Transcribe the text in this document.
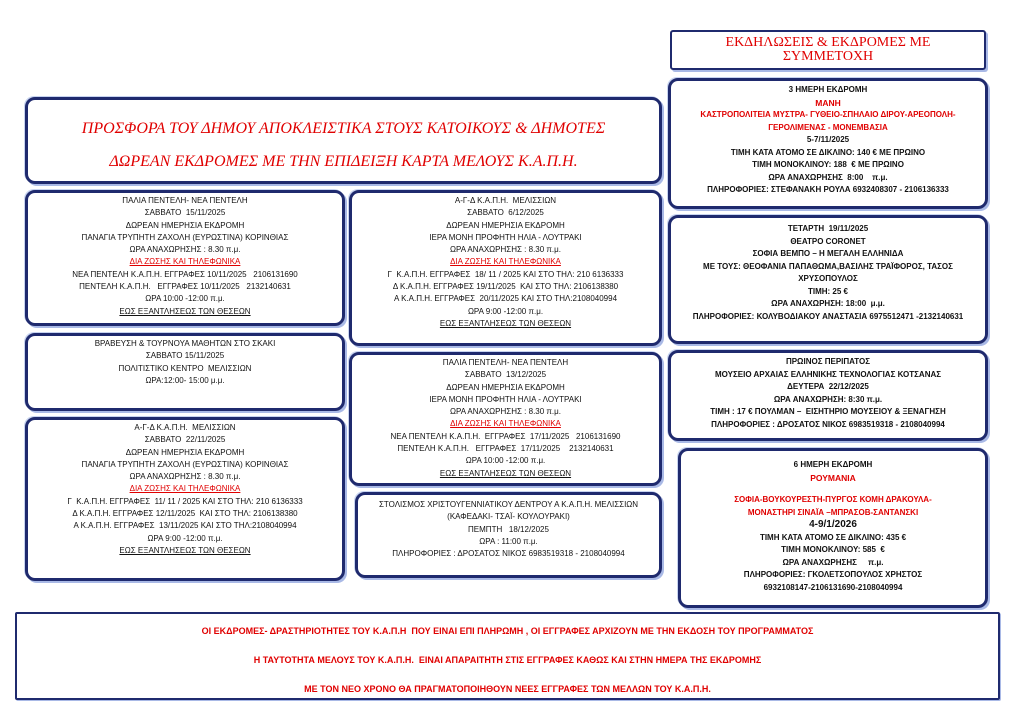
ΕΚΔΗΛΩΣΕΙΣ & ΕΚΔΡΟΜΕΣ ΜΕ
ΣΥΜΜΕΤΟΧΗ
ΠΡΟΣΦΟΡΑ ΤΟΥ ΔΗΜΟΥ ΑΠΟΚΛΕΙΣΤΙΚΑ ΣΤΟΥΣ ΚΑΤΟΙΚΟΥΣ & ΔΗΜΟΤΕΣ
ΔΩΡΕΑΝ ΕΚΔΡΟΜΕΣ ΜΕ ΤΗΝ ΕΠΙΔΕΙΞΗ ΚΑΡΤΑ ΜΕΛΟΥΣ Κ.Α.Π.Η.
ΠΑΛΙΑ ΠΕΝΤΕΛΗ- ΝΕΑ ΠΕΝΤΕΛΗ
ΣΑΒΒΑΤΟ  15/11/2025
ΔΩΡΕΑΝ ΗΜΕΡΗΣΙΑ ΕΚΔΡΟΜΗ
ΠΑΝΑΓΙΑ ΤΡΥΠΗΤΗ ΖΑΧΟΛΗ (ΕΥΡΩΣΤΙΝΑ) ΚΟΡΙΝΘΙΑΣ
ΩΡΑ ΑΝΑΧΩΡΗΣΗΣ : 8.30 π.μ.
ΔΙΑ ΖΩΣΗΣ ΚΑΙ ΤΗΛΕΦΩΝΙΚΑ
ΝΕΑ ΠΕΝΤΕΛΗ Κ.Α.Π.Η. ΕΓΓΡΑΦΕΣ 10/11/2025   2106131690
ΠΕΝΤΕΛΗ Κ.Α.Π.Η.   ΕΓΓΡΑΦΕΣ 10/11/2025   2132140631
ΩΡΑ 10:00 -12:00 π.μ.
ΕΩΣ ΕΞΑΝΤΛΗΣΕΩΣ ΤΩΝ ΘΕΣΕΩΝ
ΒΡΑΒΕΥΣΗ & ΤΟΥΡΝΟΥΑ ΜΑΘΗΤΩΝ ΣΤΟ ΣΚΑΚΙ
ΣΑΒΒΑΤΟ 15/11/2025
ΠΟΛΙΤΙΣΤΙΚΟ ΚΕΝΤΡΟ  ΜΕΛΙΣΣΙΩΝ
ΩΡΑ:12:00- 15:00 μ.μ.
Α-Γ-Δ Κ.Α.Π.Η.  ΜΕΛΙΣΣΙΩΝ
ΣΑΒΒΑΤΟ  22/11/2025
ΔΩΡΕΑΝ ΗΜΕΡΗΣΙΑ ΕΚΔΡΟΜΗ
ΠΑΝΑΓΙΑ ΤΡΥΠΗΤΗ ΖΑΧΟΛΗ (ΕΥΡΩΣΤΙΝΑ) ΚΟΡΙΝΘΙΑΣ
ΩΡΑ ΑΝΑΧΩΡΗΣΗΣ : 8.30 π.μ.
ΔΙΑ ΖΩΣΗΣ ΚΑΙ ΤΗΛΕΦΩΝΙΚΑ
Γ  Κ.Α.Π.Η. ΕΓΓΡΑΦΕΣ  11/ 11 / 2025 ΚΑΙ ΣΤΟ ΤΗΛ: 210 6136333
Δ Κ.Α.Π.Η. ΕΓΓΡΑΦΕΣ 12/11/2025  ΚΑΙ ΣΤΟ ΤΗΛ: 2106138380
Α Κ.Α.Π.Η. ΕΓΓΡΑΦΕΣ  13/11/2025 ΚΑΙ ΣΤΟ ΤΗΛ:2108040994
ΩΡΑ 9:00 -12:00 π.μ.
ΕΩΣ ΕΞΑΝΤΛΗΣΕΩΣ ΤΩΝ ΘΕΣΕΩΝ
Α-Γ-Δ Κ.Α.Π.Η.  ΜΕΛΙΣΣΙΩΝ
ΣΑΒΒΑΤΟ  6/12/2025
ΔΩΡΕΑΝ ΗΜΕΡΗΣΙΑ ΕΚΔΡΟΜΗ
ΙΕΡΑ ΜΟΝΗ ΠΡΟΦΗΤΗ ΗΛΙΑ - ΛΟΥΤΡΑΚΙ
ΩΡΑ ΑΝΑΧΩΡΗΣΗΣ : 8.30 π.μ.
ΔΙΑ ΖΩΣΗΣ ΚΑΙ ΤΗΛΕΦΩΝΙΚΑ
Γ  Κ.Α.Π.Η. ΕΓΓΡΑΦΕΣ  18/ 11 / 2025 ΚΑΙ ΣΤΟ ΤΗΛ: 210 6136333
Δ Κ.Α.Π.Η. ΕΓΓΡΑΦΕΣ 19/11/2025  ΚΑΙ ΣΤΟ ΤΗΛ: 2106138380
Α Κ.Α.Π.Η. ΕΓΓΡΑΦΕΣ  20/11/2025 ΚΑΙ ΣΤΟ ΤΗΛ:2108040994
ΩΡΑ 9:00 -12:00 π.μ.
ΕΩΣ ΕΞΑΝΤΛΗΣΕΩΣ ΤΩΝ ΘΕΣΕΩΝ
ΠΑΛΙΑ ΠΕΝΤΕΛΗ- ΝΕΑ ΠΕΝΤΕΛΗ
ΣΑΒΒΑΤΟ  13/12/2025
ΔΩΡΕΑΝ ΗΜΕΡΗΣΙΑ ΕΚΔΡΟΜΗ
ΙΕΡΑ ΜΟΝΗ ΠΡΟΦΗΤΗ ΗΛΙΑ - ΛΟΥΤΡΑΚΙ
ΩΡΑ ΑΝΑΧΩΡΗΣΗΣ : 8.30 π.μ.
ΔΙΑ ΖΩΣΗΣ ΚΑΙ ΤΗΛΕΦΩΝΙΚΑ
ΝΕΑ ΠΕΝΤΕΛΗ Κ.Α.Π.Η.  ΕΓΓΡΑΦΕΣ  17/11/2025   2106131690
ΠΕΝΤΕΛΗ Κ.Α.Π.Η.   ΕΓΓΡΑΦΕΣ  17/11/2025    2132140631
ΩΡΑ 10:00 -12:00 π.μ.
ΕΩΣ ΕΞΑΝΤΛΗΣΕΩΣ ΤΩΝ ΘΕΣΕΩΝ
ΣΤΟΛΙΣΜΟΣ ΧΡΙΣΤΟΥΓΕΝΝΙΑΤΙΚΟΥ ΔΕΝΤΡΟΥ Α Κ.Α.Π.Η. ΜΕΛΙΣΣΙΩΝ
(ΚΑΦΕΔΑΚΙ- ΤΣΑΪ- ΚΟΥΛΟΥΡΑΚΙ)
ΠΕΜΠΤΗ   18/12/2025
ΩΡΑ : 11:00 π.μ.
ΠΛΗΡΟΦΟΡΙΕΣ : ΔΡΟΣΑΤΟΣ ΝΙΚΟΣ 6983519318 - 2108040994
3 ΗΜΕΡΗ ΕΚΔΡΟΜΗ
ΜΑΝΗ
ΚΑΣΤΡΟΠΟΛΙΤΕΙΑ ΜΥΣΤΡΑ- ΓΥΘΕΙΟ-ΣΠΗΛΑΙΟ ΔΙΡΟΥ-ΑΡΕΟΠΟΛΗ-
ΓΕΡΟΛΙΜΕΝΑΣ - ΜΟΝΕΜΒΑΣΙΑ
5-7/11/2025
ΤΙΜΗ ΚΑΤΑ ΑΤΟΜΟ ΣΕ ΔΙΚΛΙΝΟ: 140 € ΜΕ ΠΡΩΙΝΟ
ΤΙΜΗ ΜΟΝΟΚΛΙΝΟΥ: 188  € ΜΕ ΠΡΩΙΝΟ
ΩΡΑ ΑΝΑΧΩΡΗΣΗΣ  8:00    π.μ.
ΠΛΗΡΟΦΟΡΙΕΣ: ΣΤΕΦΑΝΑΚΗ ΡΟΥΛΑ 6932408307 - 2106136333
ΤΕΤΑΡΤΗ  19/11/2025
ΘΕΑΤΡΟ CORONET
ΣΟΦΙΑ ΒΕΜΠΟ – Η ΜΕΓΑΛΗ ΕΛΛΗΝΙΔΑ
ΜΕ ΤΟΥΣ: ΘΕΟΦΑΝΙΑ ΠΑΠΑΘΩΜΑ,ΒΑΣΙΛΗΣ ΤΡΑΪΦΟΡΟΣ, ΤΑΣΟΣ
ΧΡΥΣΟΠΟΥΛΟΣ
ΤΙΜΗ: 25 €
ΩΡΑ ΑΝΑΧΩΡΗΣΗ: 18:00  μ.μ.
ΠΛΗΡΟΦΟΡΙΕΣ: ΚΟΛΥΒΟΔΙΑΚΟΥ ΑΝΑΣΤΑΣΙΑ 6975512471 -2132140631
ΠΡΩΙΝΟΣ ΠΕΡΙΠΑΤΟΣ
ΜΟΥΣΕΙΟ ΑΡΧΑΙΑΣ ΕΛΛΗΝΙΚΗΣ ΤΕΧΝΟΛΟΓΙΑΣ ΚΟΤΣΑΝΑΣ
ΔΕΥΤΕΡΑ  22/12/2025
ΩΡΑ ΑΝΑΧΩΡΗΣΗ: 8:30 π.μ.
ΤΙΜΗ : 17 € ΠΟΥΛΜΑΝ –  ΕΙΣΗΤΗΡΙΟ ΜΟΥΣΕΙΟΥ & ΞΕΝΑΓΗΣΗ
ΠΛΗΡΟΦΟΡΙΕΣ : ΔΡΟΣΑΤΟΣ ΝΙΚΟΣ 6983519318 - 2108040994
6 ΗΜΕΡΗ ΕΚΔΡΟΜΗ
ΡΟΥΜΑΝΙΑ
ΣΟΦΙΑ-ΒΟΥΚΟΥΡΕΣΤΗ-ΠΥΡΓΟΣ ΚΟΜΗ ΔΡΑΚΟΥΛΑ-
ΜΟΝΑΣΤΗΡΙ ΣΙΝΑΪΑ –ΜΠΡΑΣΟΒ-ΣΑΝΤΑΝΣΚΙ
4-9/1/2026
ΤΙΜΗ ΚΑΤΑ ΑΤΟΜΟ ΣΕ ΔΙΚΛΙΝΟ: 435 €
ΤΙΜΗ ΜΟΝΟΚΛΙΝΟΥ: 585  €
ΩΡΑ ΑΝΑΧΩΡΗΣΗΣ     π.μ.
ΠΛΗΡΟΦΟΡΙΕΣ: ΓΚΟΛΕΤΣΟΠΟΥΛΟΣ ΧΡΗΣΤΟΣ
6932108147-2106131690-2108040994
ΟΙ ΕΚΔΡΟΜΕΣ- ΔΡΑΣΤΗΡΙΟΤΗΤΕΣ ΤΟΥ Κ.Α.Π.Η  ΠΟΥ ΕΙΝΑΙ ΕΠΙ ΠΛΗΡΩΜΗ , ΟΙ ΕΓΓΡΑΦΕΣ ΑΡΧΙΖΟΥΝ ΜΕ ΤΗΝ ΕΚΔΟΣΗ ΤΟΥ ΠΡΟΓΡΑΜΜΑΤΟΣ
Η ΤΑΥΤΟΤΗΤΑ ΜΕΛΟΥΣ ΤΟΥ Κ.Α.Π.Η.  ΕΙΝΑΙ ΑΠΑΡΑΙΤΗΤΗ ΣΤΙΣ ΕΓΓΡΑΦΕΣ ΚΑΘΩΣ ΚΑΙ ΣΤΗΝ ΗΜΕΡΑ ΤΗΣ ΕΚΔΡΟΜΗΣ
ΜΕ ΤΟΝ ΝΕΟ ΧΡΟΝΟ ΘΑ ΠΡΑΓΜΑΤΟΠΟΙΗΘΟΥΝ ΝΕΕΣ ΕΓΓΡΑΦΕΣ ΤΩΝ ΜΕΛΛΩΝ ΤΟΥ Κ.Α.Π.Η.
